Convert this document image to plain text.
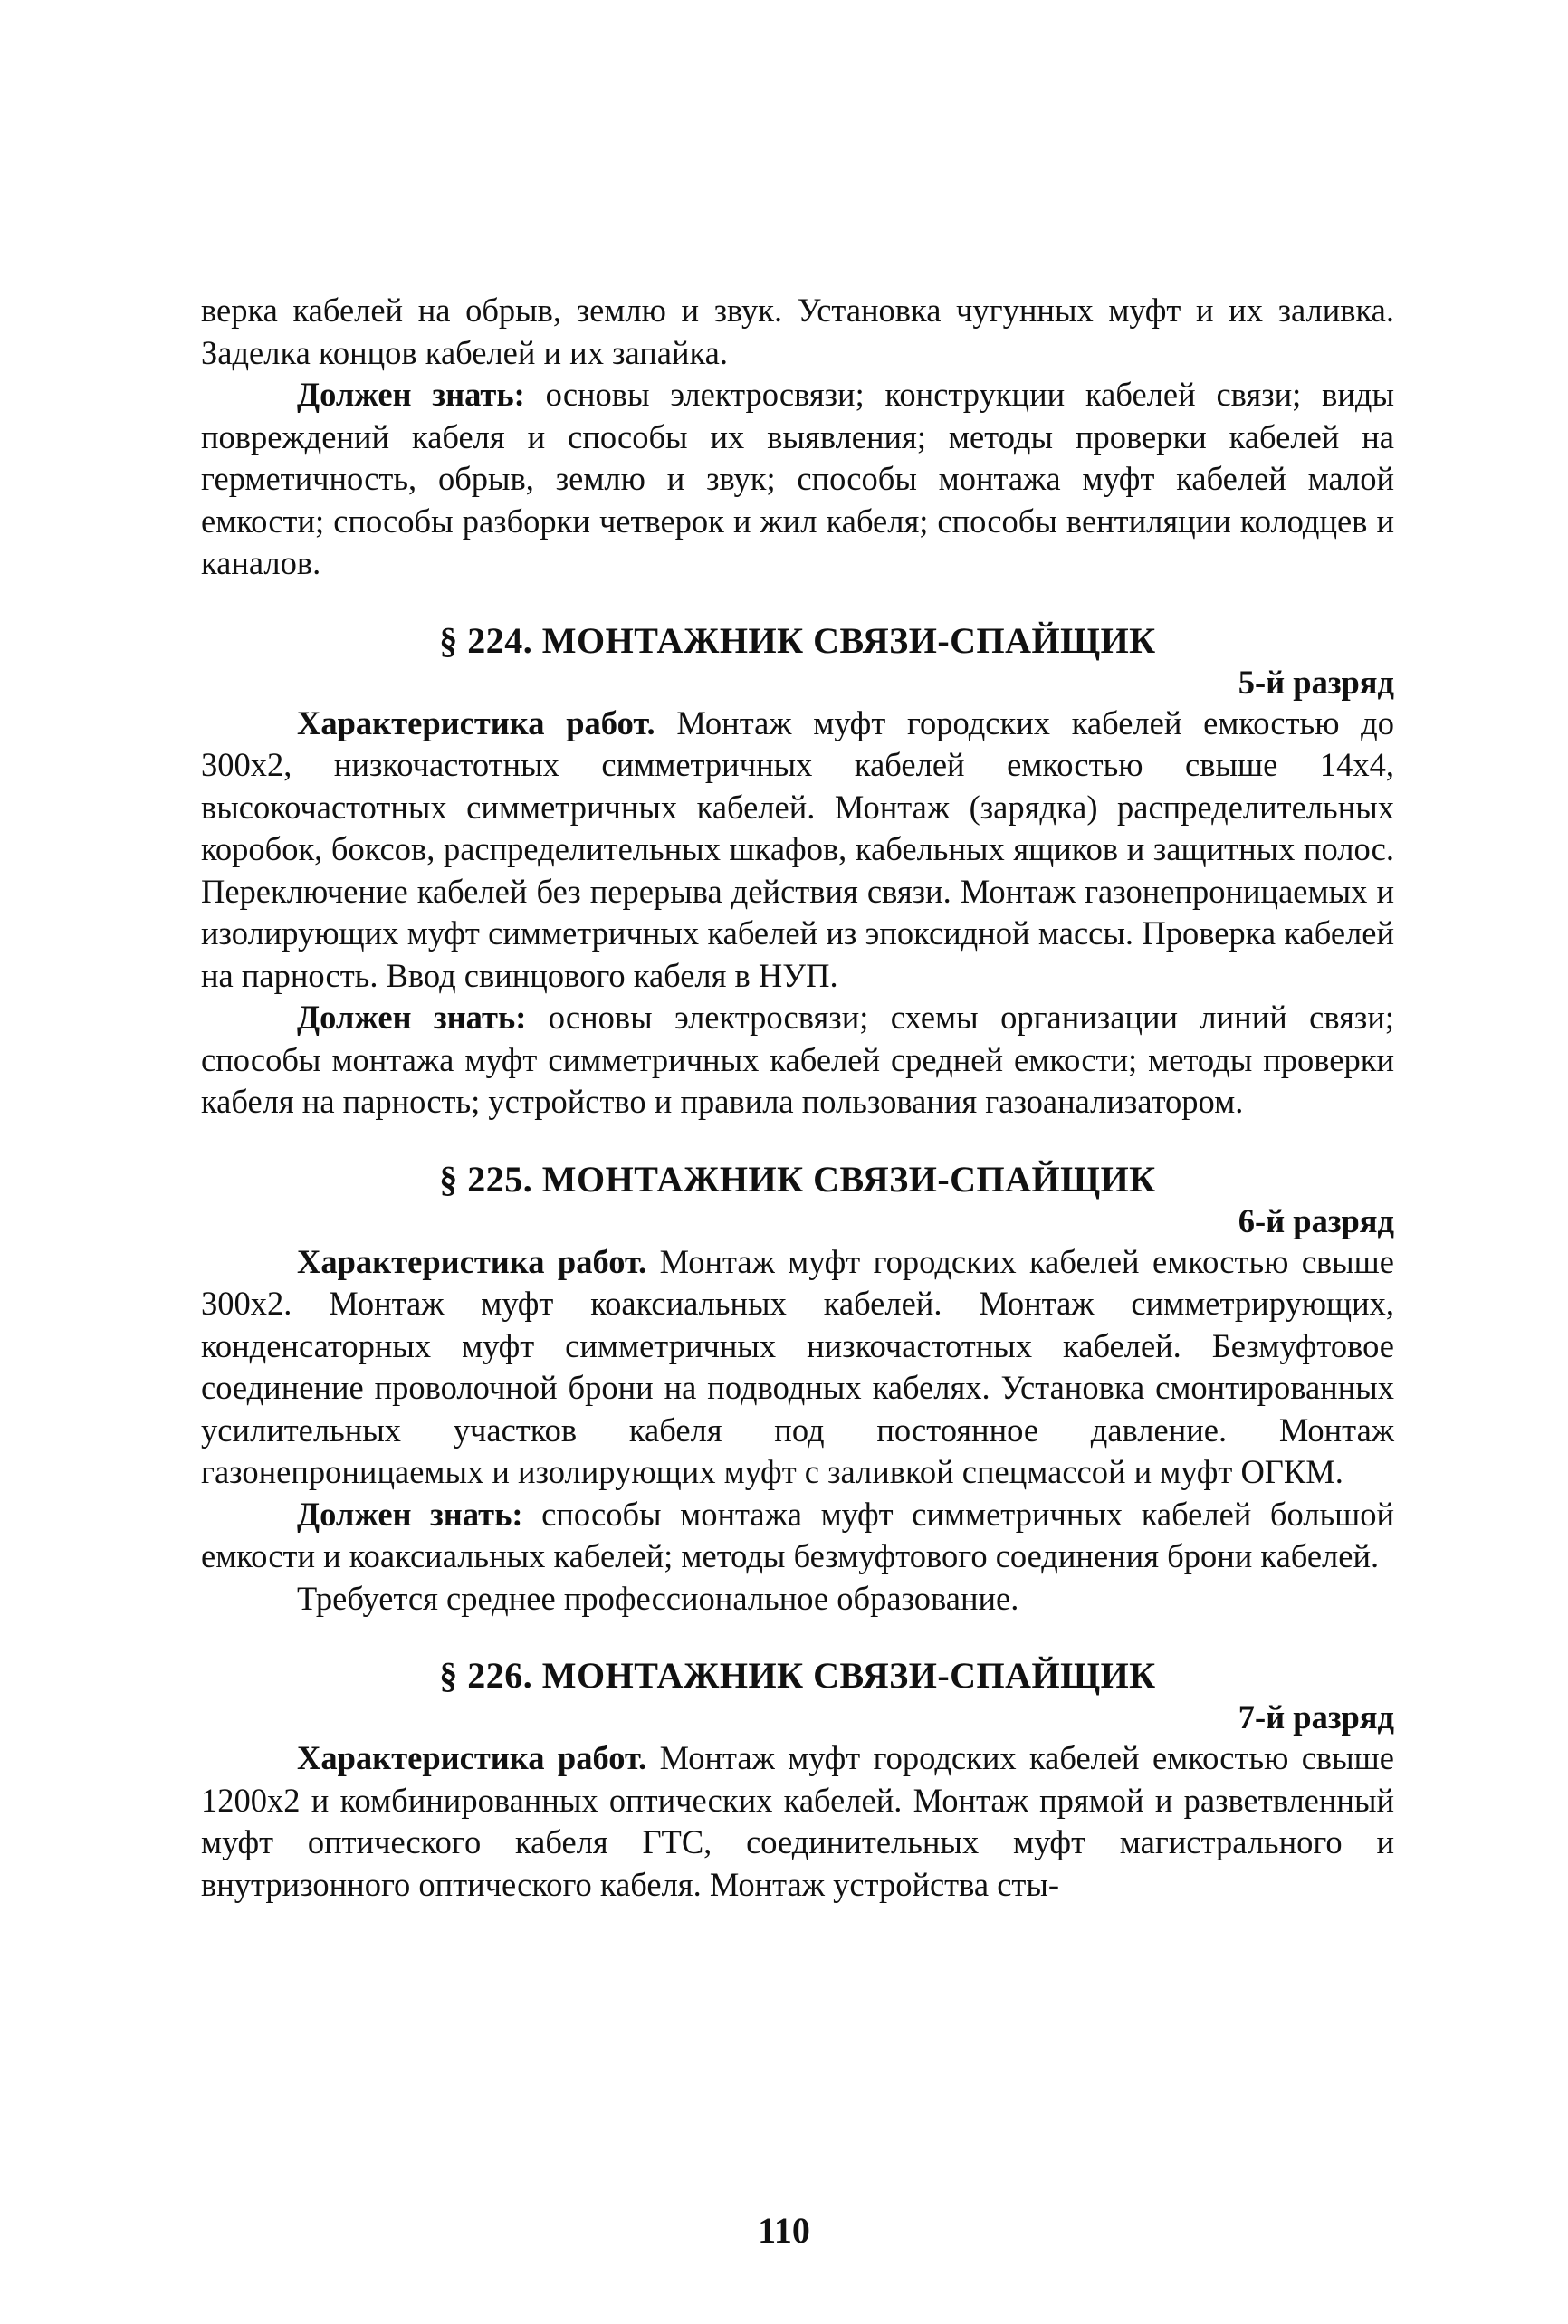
верка кабелей на обрыв, землю и звук. Установка чугунных муфт и их заливка. Заделка концов кабелей и их запайка.

Должен знать: основы электросвязи; конструкции кабелей связи; виды повреждений кабеля и способы их выявления; методы проверки кабелей на герметичность, обрыв, землю и звук; способы монтажа муфт кабелей малой емкости; способы разборки четверок и жил кабеля; способы вентиляции колодцев и каналов.

§ 224. МОНТАЖНИК СВЯЗИ-СПАЙЩИК
5-й разряд

Характеристика работ. Монтаж муфт городских кабелей емкостью до 300х2, низкочастотных симметричных кабелей емкостью свыше 14х4, высокочастотных симметричных кабелей. Монтаж (зарядка) распределительных коробок, боксов, распределительных шкафов, кабельных ящиков и защитных полос. Переключение кабелей без перерыва действия связи. Монтаж газонепроницаемых и изолирующих муфт симметричных кабелей из эпоксидной массы. Проверка кабелей на парность. Ввод свинцового кабеля в НУП.

Должен знать: основы электросвязи; схемы организации линий связи; способы монтажа муфт симметричных кабелей средней емкости; методы проверки кабеля на парность; устройство и правила пользования газоанализатором.

§ 225. МОНТАЖНИК СВЯЗИ-СПАЙЩИК
6-й разряд

Характеристика работ. Монтаж муфт городских кабелей емкостью свыше 300х2. Монтаж муфт коаксиальных кабелей. Монтаж симметрирующих, конденсаторных муфт симметричных низкочастотных кабелей. Безмуфтовое соединение проволочной брони на подводных кабелях. Установка смонтированных усилительных участков кабеля под постоянное давление. Монтаж газонепроницаемых и изолирующих муфт с заливкой спецмассой и муфт ОГКМ.

Должен знать: способы монтажа муфт симметричных кабелей большой емкости и коаксиальных кабелей; методы безмуфтового соединения брони кабелей.

Требуется среднее профессиональное образование.

§ 226. МОНТАЖНИК СВЯЗИ-СПАЙЩИК
7-й разряд

Характеристика работ. Монтаж муфт городских кабелей емкостью свыше 1200х2 и комбинированных оптических кабелей. Монтаж прямой и разветвленный муфт оптического кабеля ГТС, соединительных муфт магистрального и внутризонного оптического кабеля. Монтаж устройства сты-

110
